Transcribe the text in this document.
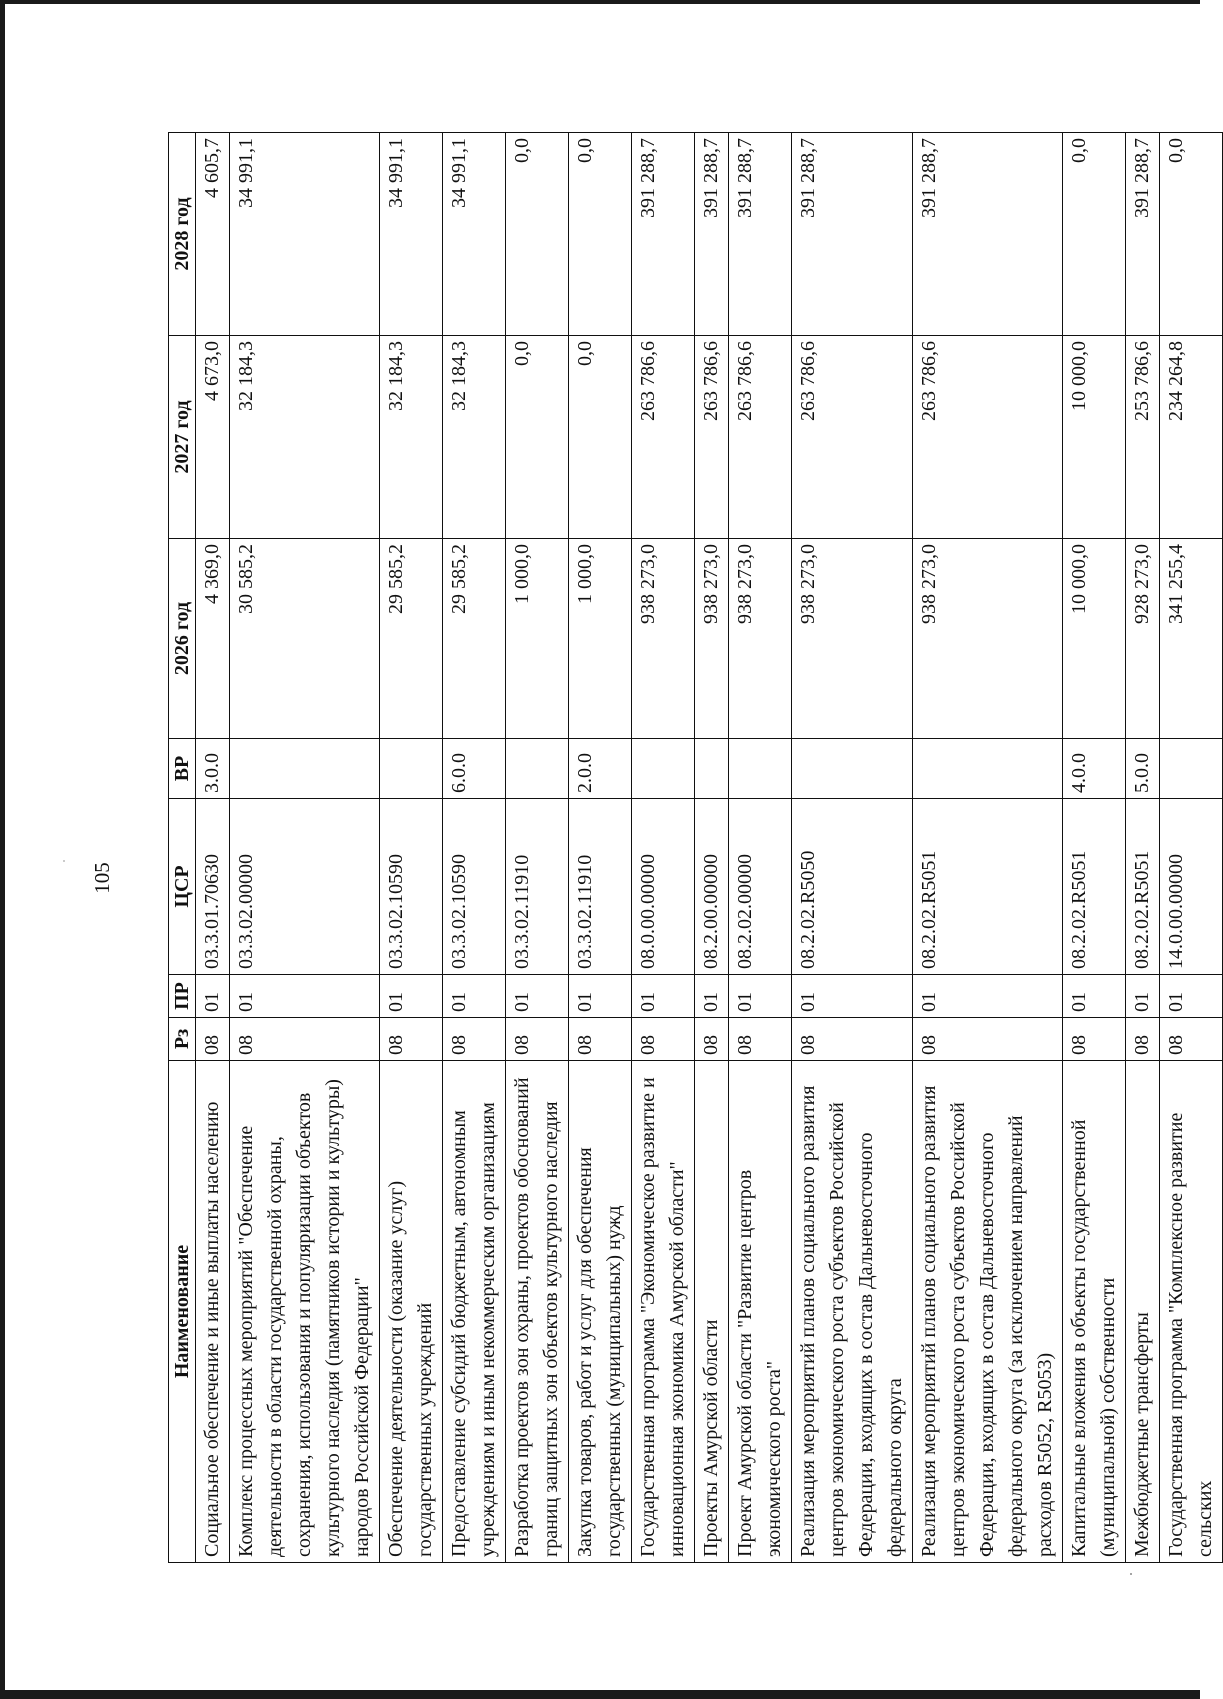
105
Наименование	Рз	ПР	ЦСР	ВР	2026 год	2027 год	2028 год
Социальное обеспечение и иные выплаты населению	08	01	03.3.01.70630	3.0.0	4 369,0	4 673,0	4 605,7
Комплекс процессных мероприятий "Обеспечение деятельности в области государственной охраны, сохранения, использования и популяризации объектов культурного наследия (памятников истории и культуры) народов Российской Федерации"	08	01	03.3.02.00000		30 585,2	32 184,3	34 991,1
Обеспечение деятельности (оказание услуг) государственных учреждений	08	01	03.3.02.10590		29 585,2	32 184,3	34 991,1
Предоставление субсидий бюджетным, автономным учреждениям и иным некоммерческим организациям	08	01	03.3.02.10590	6.0.0	29 585,2	32 184,3	34 991,1
Разработка проектов зон охраны, проектов обоснований границ защитных зон объектов культурного наследия	08	01	03.3.02.11910		1 000,0	0,0	0,0
Закупка товаров, работ и услуг для обеспечения государственных (муниципальных) нужд	08	01	03.3.02.11910	2.0.0	1 000,0	0,0	0,0
Государственная программа "Экономическое развитие и инновационная экономика Амурской области"	08	01	08.0.00.00000		938 273,0	263 786,6	391 288,7
Проекты Амурской области	08	01	08.2.00.00000		938 273,0	263 786,6	391 288,7
Проект Амурской области "Развитие центров экономического роста"	08	01	08.2.02.00000		938 273,0	263 786,6	391 288,7
Реализация мероприятий планов социального развития центров экономического роста субъектов Российской Федерации, входящих в состав Дальневосточного федерального округа	08	01	08.2.02.R5050		938 273,0	263 786,6	391 288,7
Реализация мероприятий планов социального развития центров экономического роста субъектов Российской Федерации, входящих в состав Дальневосточного федерального округа (за исключением направлений расходов R5052, R5053)	08	01	08.2.02.R5051		938 273,0	263 786,6	391 288,7
Капитальные вложения в объекты государственной (муниципальной) собственности	08	01	08.2.02.R5051	4.0.0	10 000,0	10 000,0	0,0
Межбюджетные трансферты	08	01	08.2.02.R5051	5.0.0	928 273,0	253 786,6	391 288,7
Государственная программа "Комплексное развитие сельских	08	01	14.0.00.00000		341 255,4	234 264,8	0,0
